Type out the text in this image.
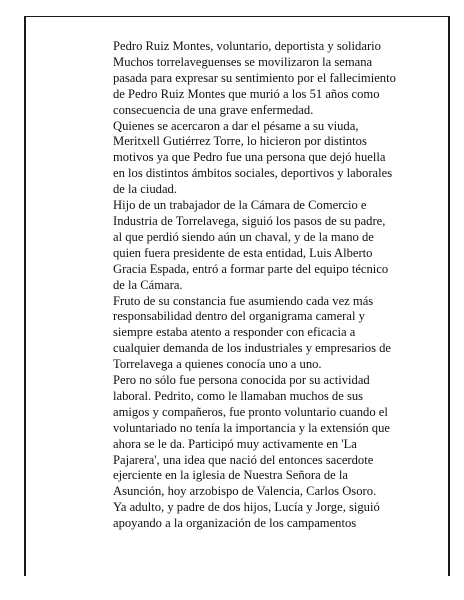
Pedro Ruiz Montes, voluntario, deportista y solidario
Muchos torrelaveguenses se movilizaron la semana
pasada para expresar su sentimiento por el fallecimiento
de Pedro Ruiz Montes que murió a los 51 años como
consecuencia de una grave enfermedad.
Quienes se acercaron a dar el pésame a su viuda,
Meritxell Gutiérrez Torre, lo hicieron por distintos
motivos ya que Pedro fue una persona que dejó huella
en los distintos ámbitos sociales, deportivos y laborales
de la ciudad.
Hijo de un trabajador de la Cámara de Comercio e
Industria de Torrelavega, siguió los pasos de su padre,
al que perdió siendo aún un chaval, y de la mano de
quien fuera presidente de esta entidad, Luis Alberto
Gracia Espada, entró a formar parte del equipo técnico
de la Cámara.
Fruto de su constancia fue asumiendo cada vez más
responsabilidad dentro del organigrama cameral y
siempre estaba atento a responder con eficacia a
cualquier demanda de los industriales y empresarios de
Torrelavega a quienes conocía uno a uno.
Pero no sólo fue persona conocida por su actividad
laboral. Pedrito, como le llamaban muchos de sus
amigos y compañeros, fue pronto voluntario cuando el
voluntariado no tenía la importancia y la extensión que
ahora se le da. Participó muy activamente en 'La
Pajarera', una idea que nació del entonces sacerdote
ejerciente en la iglesia de Nuestra Señora de la
Asunción, hoy arzobispo de Valencia, Carlos Osoro.
Ya adulto, y padre de dos hijos, Lucía y Jorge, siguió
apoyando a la organización de los campamentos
